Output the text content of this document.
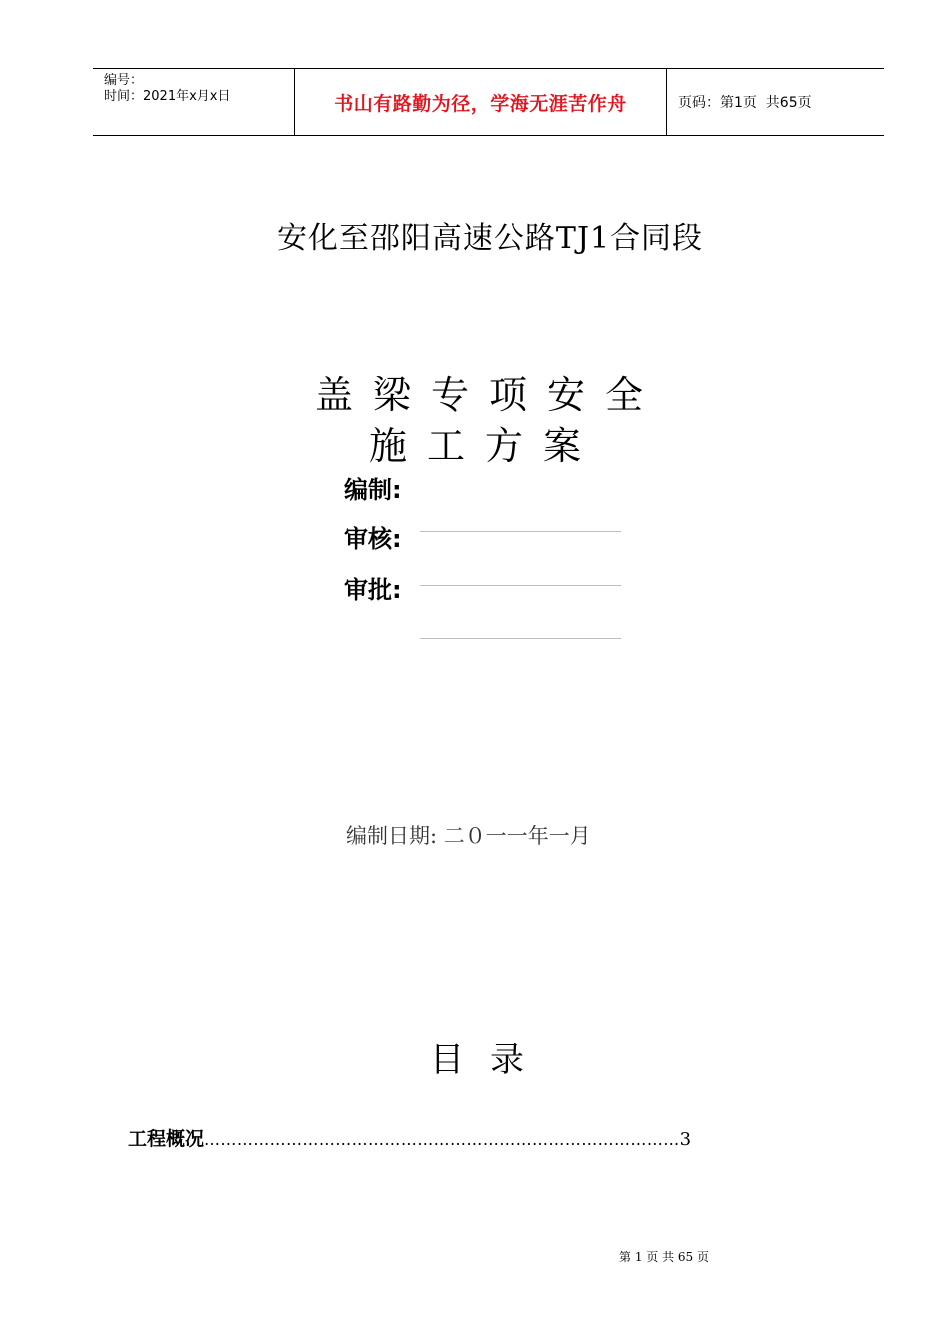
编号：
时间：2021年x月x日	书山有路勤为径，学海无涯苦作舟	页码：第1页  共65页
安化至邵阳高速公路TJ1合同段
盖梁专项安全
施工方案
编制:
审核:
审批:
编制日期: 二０一一年一月
目录
工程概况 …………………………………………………………………………… 3
第 1 页 共 65 页
